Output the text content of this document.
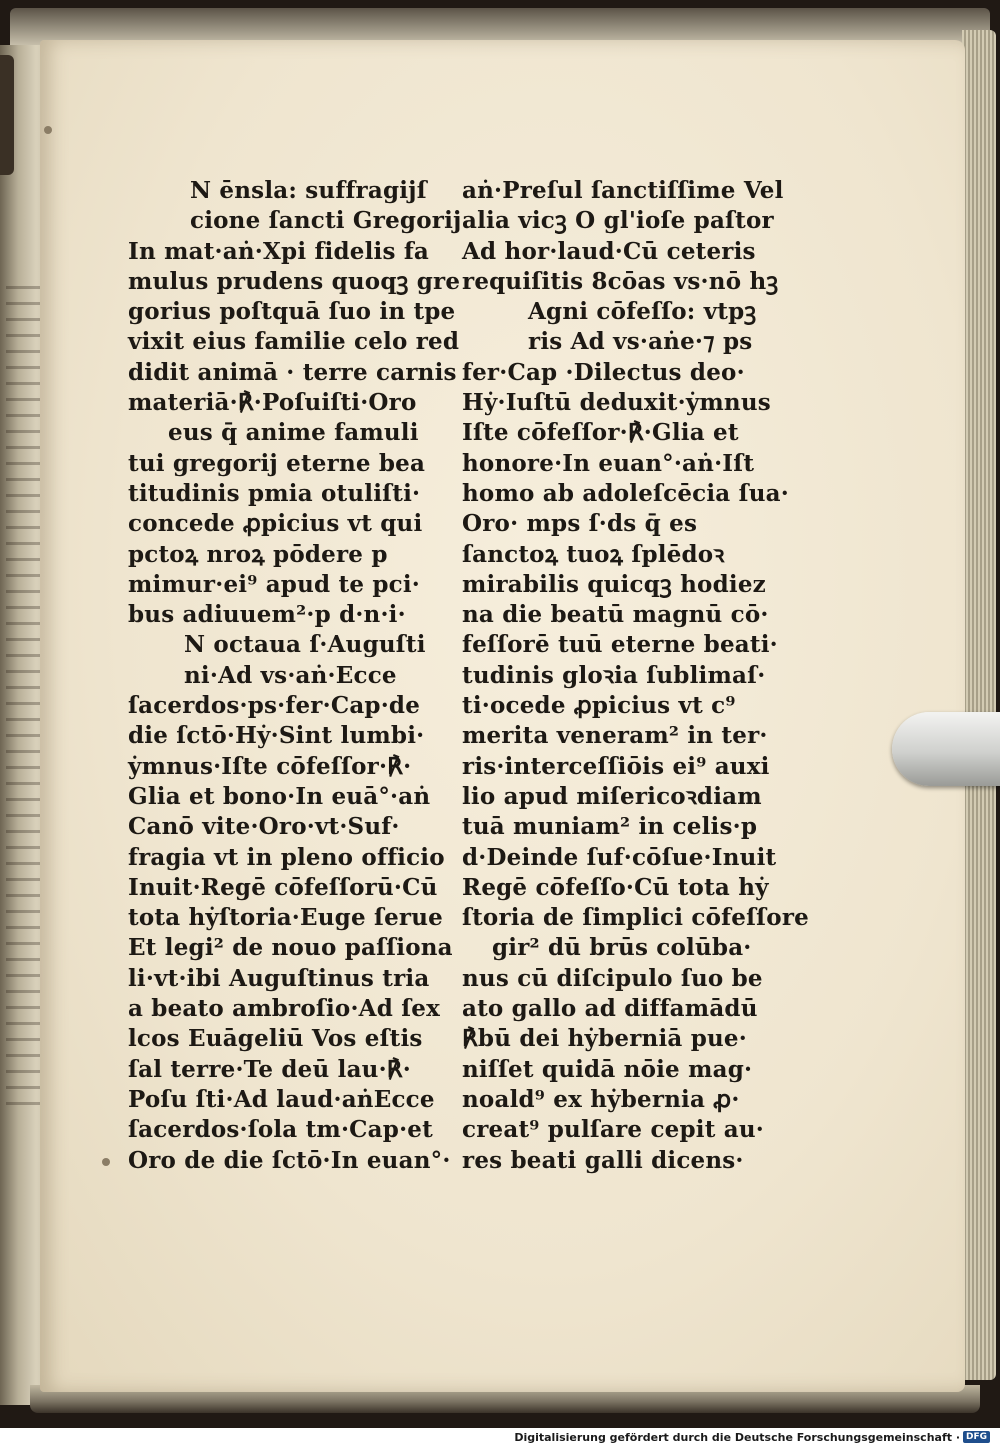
N ēnsla: suffragijſ
cione ſancti Gregorij
In mat·aṅ·Xpi fidelis fa
mulus prudens quoqꝫ gre
gorius poſtquā ſuo in tpe
vixit eius familie celo red
didit animā · terre carnis
materiā·℟·Poſuiſti·Oro
eus q̄ anime famuli
tui gregorij eterne bea
titudinis pmia otuliſti·
concede ꝓpicius vt qui
pctoꝝ nroꝝ pōdere p
mimur·ei⁹ apud te pci·
bus adiuuem²·p d·n·i·
N octaua ſ·Auguſti
ni·Ad vs·aṅ·Ecce
ſacerdos·ps·fer·Cap·de
die ſctō·Hẏ·Sint lumbi·
ẏmnus·Iſte cōfeſſor·℟·
Glia et bono·In euā°·aṅ
Canō vite·Oro·vt·Suf·
fragia vt in pleno officio
Inuit·Regē cōfeſſorū·Cū
tota hẏſtoria·Euge ſerue
Et legi² de nouo paſſiona
li·vt·ibi Auguſtinus tria
a beato ambroſio·Ad ſex
lcos Euāgeliū Vos eſtis
ſal terre·Te deū lau·℟·
Poſu ſti·Ad laud·aṅEcce
ſacerdos·ſola tm·Cap·et
Oro de die ſctō·In euan°·
aṅ·Preſul ſanctiſſime Vel
alia vicꝫ O gl'ioſe paſtor
Ad hor·laud·Cū ceteris
requiſitis 8cōas vs·nō hꝫ
Agni cōfeſſo: vtpꝫ
ris Ad vs·aṅe·⁊ ps
fer·Cap ·Dilectus deo·
Hẏ·Iuſtū deduxit·ẏmnus
Iſte cōfeſſor·℟·Glia et
honore·In euan°·aṅ·Iſt
homo ab adoleſcēcia ſua·
Oro· mps ſ·ds q̄ es
ſanctoꝝ tuoꝝ ſplēdoꝛ
mirabilis quicqꝫ hodiez
na die beatū magnū cō·
feſſorē tuū eterne beati·
tudinis gloꝛia ſublimaſ·
ti·ocede ꝓpicius vt c⁹
merita veneram² in ter·
ris·interceſſiōis ei⁹ auxi
lio apud miſericoꝛdiam
tuā muniam² in celis·p
d·Deinde ſuf·cōſue·Inuit
Regē cōfeſſo·Cū tota hẏ
ſtoria de ſimplici cōfeſſore
gir² dū brūs colūba·
nus cū diſcipulo ſuo be
ato gallo ad diffamādū
℟bū dei hẏberniā pue·
niſſet quidā nōie mag·
noald⁹ ex hẏbernia ꝓ·
creat⁹ pulſare cepit au·
res beati galli dicens·
Digitalisierung gefördert durch die Deutsche Forschungsgemeinschaft · DFG
